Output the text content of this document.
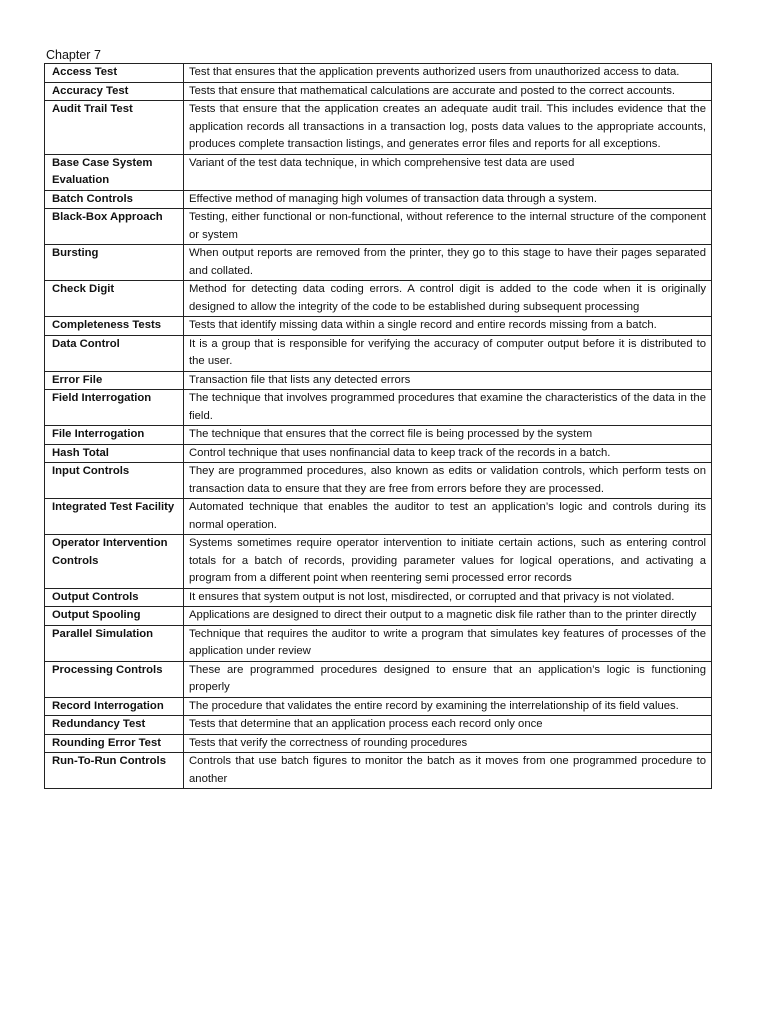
Chapter 7
Access Test	Test that ensures that the application prevents authorized users from unauthorized access to data.
Accuracy Test	Tests that ensure that mathematical calculations are accurate and posted to the correct accounts.
Audit Trail Test	Tests that ensure that the application creates an adequate audit trail. This includes evidence that the application records all transactions in a transaction log, posts data values to the appropriate accounts, produces complete transaction listings, and generates error files and reports for all exceptions.
Base Case System Evaluation	Variant of the test data technique, in which comprehensive test data are used
Batch Controls	Effective method of managing high volumes of transaction data through a system.
Black-Box Approach	Testing, either functional or non-functional, without reference to the internal structure of the component or system
Bursting	When output reports are removed from the printer, they go to this stage to have their pages separated and collated.
Check Digit	Method for detecting data coding errors. A control digit is added to the code when it is originally designed to allow the integrity of the code to be established during subsequent processing
Completeness Tests	Tests that identify missing data within a single record and entire records missing from a batch.
Data Control	It is a group that is responsible for verifying the accuracy of computer output before it is distributed to the user.
Error File	Transaction file that lists any detected errors
Field Interrogation	The technique that involves programmed procedures that examine the characteristics of the data in the field.
File Interrogation	The technique that ensures that the correct file is being processed by the system
Hash Total	Control technique that uses nonfinancial data to keep track of the records in a batch.
Input Controls	They are programmed procedures, also known as edits or validation controls, which perform tests on transaction data to ensure that they are free from errors before they are processed.
Integrated Test Facility	Automated technique that enables the auditor to test an application’s logic and controls during its normal operation.
Operator Intervention Controls	Systems sometimes require operator intervention to initiate certain actions, such as entering control totals for a batch of records, providing parameter values for logical operations, and activating a program from a different point when reentering semi processed error records
Output Controls	It ensures that system output is not lost, misdirected, or corrupted and that privacy is not violated.
Output Spooling	Applications are designed to direct their output to a magnetic disk file rather than to the printer directly
Parallel Simulation	Technique that requires the auditor to write a program that simulates key features of processes of the application under review
Processing Controls	These are programmed procedures designed to ensure that an application’s logic is functioning properly
Record Interrogation	The procedure that validates the entire record by examining the interrelationship of its field values.
Redundancy Test	Tests that determine that an application process each record only once
Rounding Error Test	Tests that verify the correctness of rounding procedures
Run-To-Run Controls	Controls that use batch figures to monitor the batch as it moves from one programmed procedure to another
